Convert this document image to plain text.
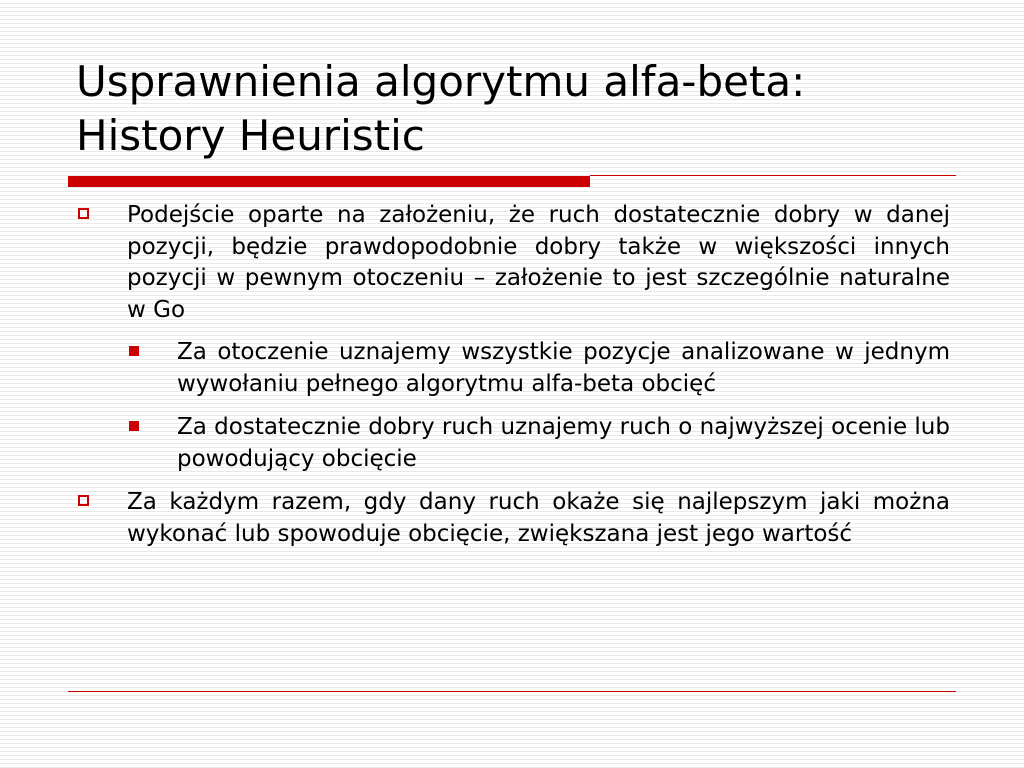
Usprawnienia algorytmu alfa-beta:
History Heuristic
Podejście oparte na założeniu, że ruch dostatecznie dobry w danej pozycji, będzie prawdopodobnie dobry także w większości innych pozycji w pewnym otoczeniu – założenie to jest szczególnie naturalne w Go
Za otoczenie uznajemy wszystkie pozycje analizowane w jednym wywołaniu pełnego algorytmu alfa-beta obcięć
Za dostatecznie dobry ruch uznajemy ruch o najwyższej ocenie lub powodujący obcięcie
Za każdym razem, gdy dany ruch okaże się najlepszym jaki można wykonać lub spowoduje obcięcie, zwiększana jest jego wartość
